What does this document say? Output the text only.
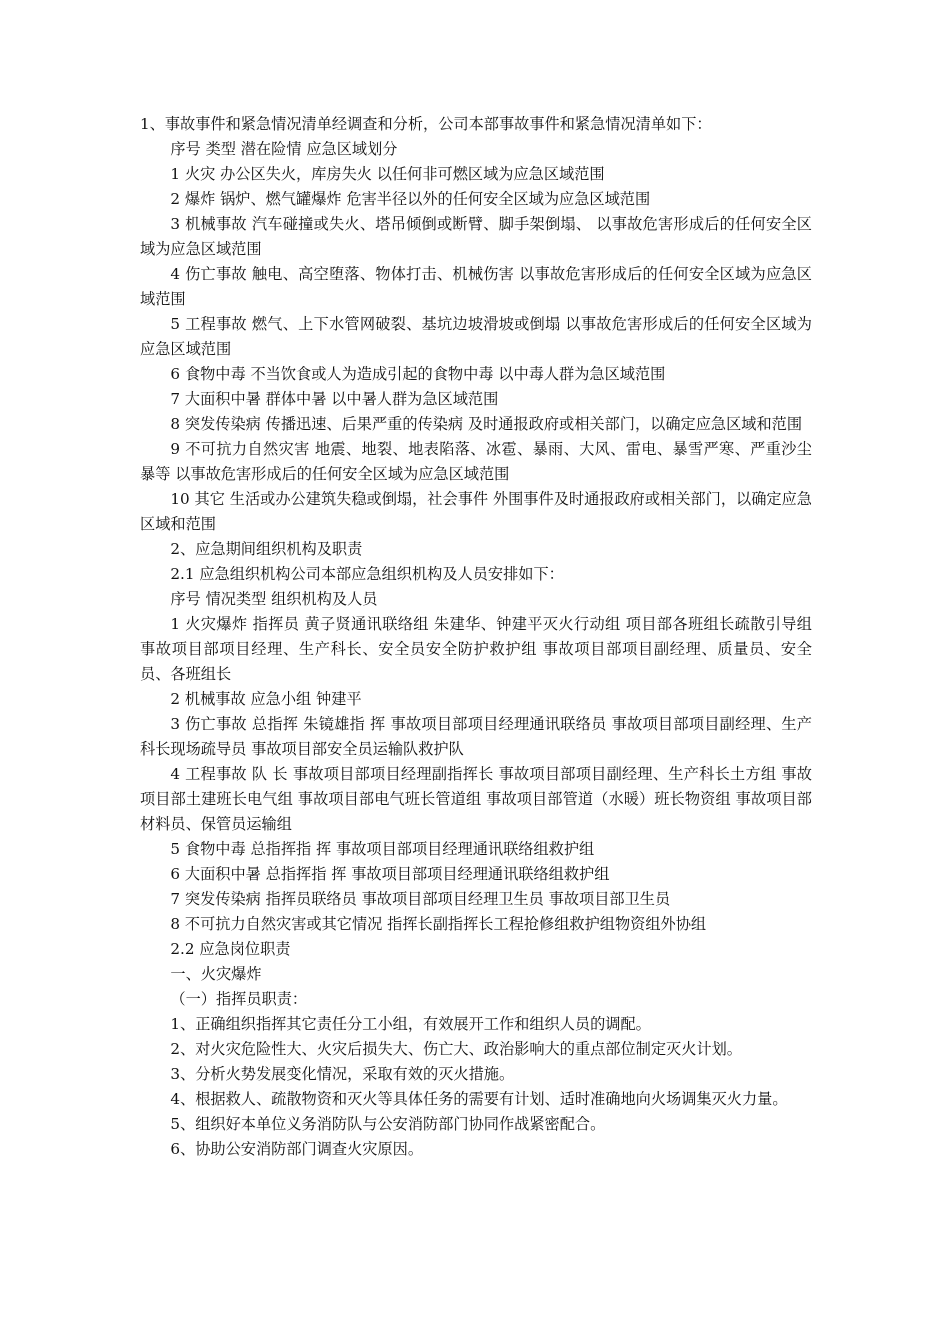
1、事故事件和紧急情况清单经调查和分析，公司本部事故事件和紧急情况清单如下：

序号 类型 潜在险情 应急区域划分

1 火灾 办公区失火，库房失火 以任何非可燃区域为应急区域范围

2 爆炸 锅炉、燃气罐爆炸 危害半径以外的任何安全区域为应急区域范围

3 机械事故 汽车碰撞或失火、塔吊倾倒或断臂、脚手架倒塌、 以事故危害形成后的任何安全区域为应急区域范围

4 伤亡事故 触电、高空堕落、物体打击、机械伤害 以事故危害形成后的任何安全区域为应急区域范围

5 工程事故 燃气、上下水管网破裂、基坑边坡滑坡或倒塌 以事故危害形成后的任何安全区域为应急区域范围

6 食物中毒 不当饮食或人为造成引起的食物中毒 以中毒人群为急区域范围

7 大面积中暑 群体中暑 以中暑人群为急区域范围

8 突发传染病 传播迅速、后果严重的传染病 及时通报政府或相关部门，以确定应急区域和范围

9 不可抗力自然灾害 地震、地裂、地表陷落、冰雹、暴雨、大风、雷电、暴雪严寒、严重沙尘暴等 以事故危害形成后的任何安全区域为应急区域范围

10 其它 生活或办公建筑失稳或倒塌，社会事件 外围事件及时通报政府或相关部门，以确定应急区域和范围

2、应急期间组织机构及职责

2.1 应急组织机构公司本部应急组织机构及人员安排如下：

序号 情况类型 组织机构及人员

1 火灾爆炸 指挥员 黄子贤通讯联络组 朱建华、钟建平灭火行动组 项目部各班组长疏散引导组 事故项目部项目经理、生产科长、安全员安全防护救护组 事故项目部项目副经理、质量员、安全员、各班组长

2 机械事故 应急小组 钟建平

3 伤亡事故 总指挥 朱镜雄指 挥 事故项目部项目经理通讯联络员 事故项目部项目副经理、生产科长现场疏导员 事故项目部安全员运输队救护队

4 工程事故 队 长 事故项目部项目经理副指挥长 事故项目部项目副经理、生产科长土方组 事故项目部土建班长电气组 事故项目部电气班长管道组 事故项目部管道（水暖）班长物资组 事故项目部材料员、保管员运输组

5 食物中毒 总指挥指 挥 事故项目部项目经理通讯联络组救护组

6 大面积中暑 总指挥指 挥 事故项目部项目经理通讯联络组救护组

7 突发传染病 指挥员联络员 事故项目部项目经理卫生员 事故项目部卫生员

8 不可抗力自然灾害或其它情况 指挥长副指挥长工程抢修组救护组物资组外协组

2.2 应急岗位职责

一、火灾爆炸

（一）指挥员职责：

1、正确组织指挥其它责任分工小组，有效展开工作和组织人员的调配。

2、对火灾危险性大、火灾后损失大、伤亡大、政治影响大的重点部位制定灭火计划。

3、分析火势发展变化情况，采取有效的灭火措施。

4、根据救人、疏散物资和灭火等具体任务的需要有计划、适时准确地向火场调集灭火力量。

5、组织好本单位义务消防队与公安消防部门协同作战紧密配合。

6、协助公安消防部门调查火灾原因。
